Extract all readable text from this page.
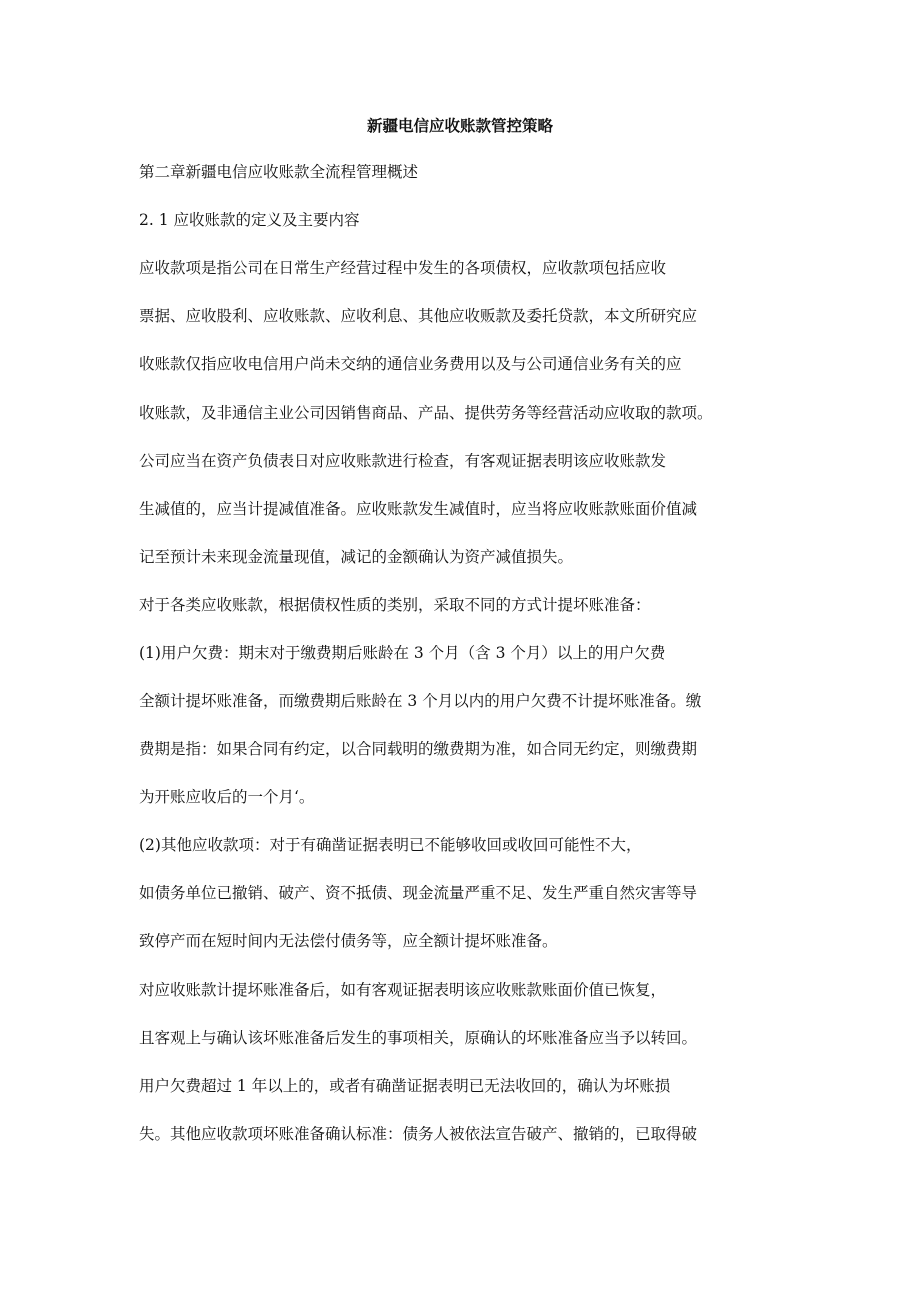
新疆电信应收账款管控策略

第二章新疆电信应收账款全流程管理概述

2. 1 应收账款的定义及主要内容

应收款项是指公司在日常生产经营过程中发生的各项债权，应收款项包括应收

票据、应收股利、应收账款、应收利息、其他应收贩款及委托贷款，本文所研究应

收账款仅指应收电信用户尚未交纳的通信业务费用以及与公司通信业务有关的应

收账款，及非通信主业公司因销售商品、产品、提供劳务等经营活动应收取的款项。

公司应当在资产负债表日对应收账款进行检查，有客观证据表明该应收账款发

生减值的，应当计提减值准备。应收账款发生减值时，应当将应收账款账面价值减

记至预计未来现金流量现值，减记的金额确认为资产减值损失。

对于各类应收账款，根据债权性质的类别，采取不同的方式计提坏账准备：

(1)用户欠费：期末对于缴费期后账龄在 3 个月（含 3 个月）以上的用户欠费

全额计提坏账准备，而缴费期后账龄在 3 个月以内的用户欠费不计提坏账准备。缴

费期是指：如果合同有约定，以合同载明的缴费期为准，如合同无约定，则缴费期

为开账应收后的一个月‘。

(2)其他应收款项：对于有确凿证据表明已不能够收回或收回可能性不大，

如债务单位已撤销、破产、资不抵债、现金流量严重不足、发生严重自然灾害等导

致停产而在短时间内无法偿付债务等，应全额计提坏账准备。

对应收账款计提坏账准备后，如有客观证据表明该应收账款账面价值已恢复，

且客观上与确认该坏账准备后发生的事项相关，原确认的坏账准备应当予以转回。

用户欠费超过 1 年以上的，或者有确凿证据表明已无法收回的，确认为坏账损

失。其他应收款项坏账准备确认标准：债务人被依法宣告破产、撤销的，已取得破
